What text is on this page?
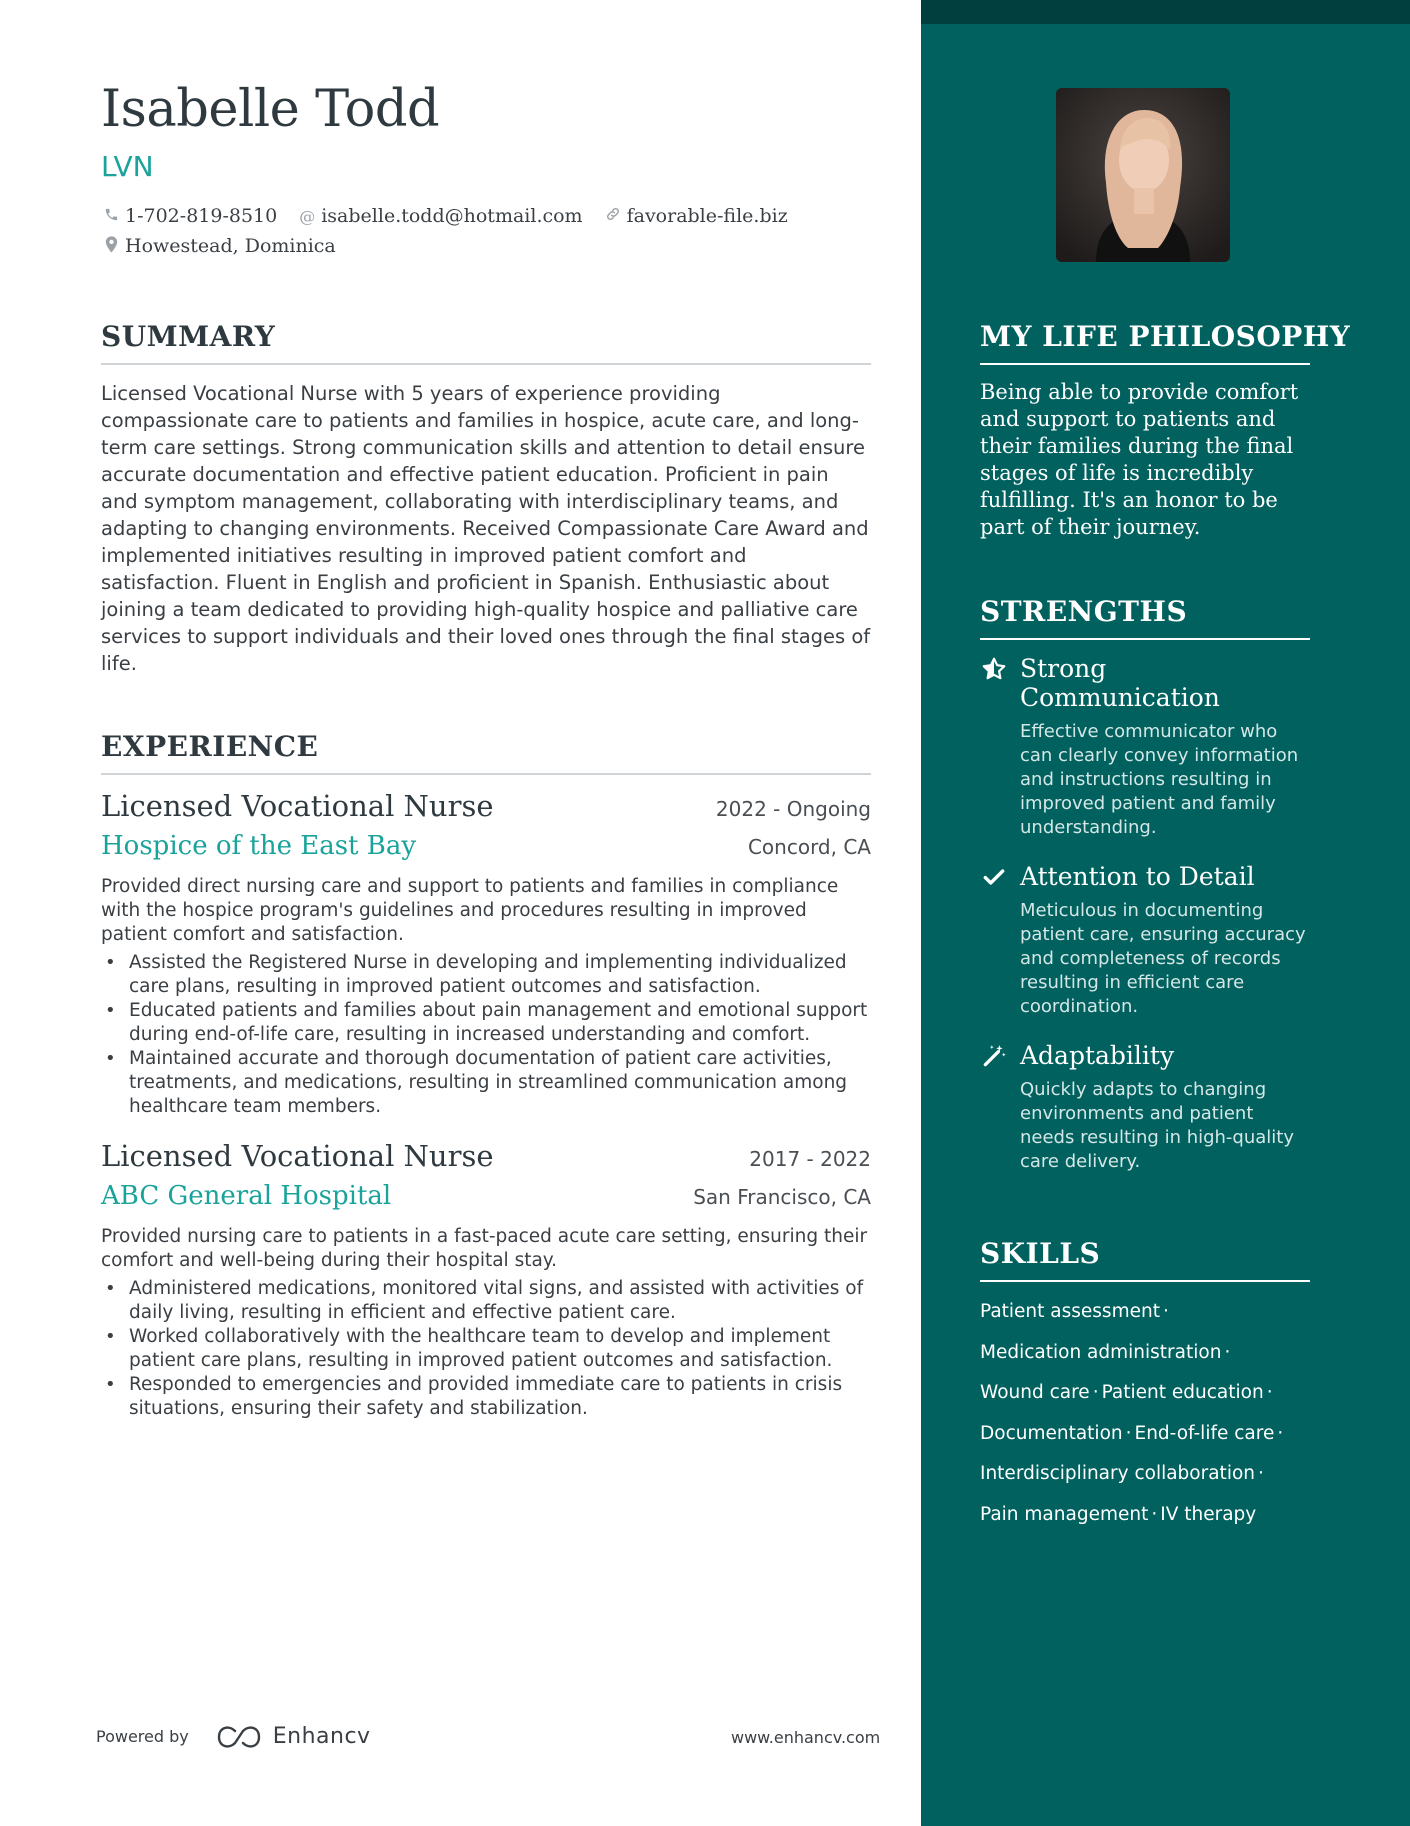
Isabelle Todd
LVN
1-702-819-8510 @ isabelle.todd@hotmail.com favorable-file.biz
Howestead, Dominica
SUMMARY
Licensed Vocational Nurse with 5 years of experience providing compassionate care to patients and families in hospice, acute care, and long-term care settings. Strong communication skills and attention to detail ensure accurate documentation and effective patient education. Proficient in pain and symptom management, collaborating with interdisciplinary teams, and adapting to changing environments. Received Compassionate Care Award and implemented initiatives resulting in improved patient comfort and satisfaction. Fluent in English and proficient in Spanish. Enthusiastic about joining a team dedicated to providing high-quality hospice and palliative care services to support individuals and their loved ones through the final stages of life.
EXPERIENCE
Licensed Vocational Nurse	2022 - Ongoing
Hospice of the East Bay	Concord, CA
Provided direct nursing care and support to patients and families in compliance with the hospice program's guidelines and procedures resulting in improved patient comfort and satisfaction.
• Assisted the Registered Nurse in developing and implementing individualized care plans, resulting in improved patient outcomes and satisfaction.
• Educated patients and families about pain management and emotional support during end-of-life care, resulting in increased understanding and comfort.
• Maintained accurate and thorough documentation of patient care activities, treatments, and medications, resulting in streamlined communication among healthcare team members.
Licensed Vocational Nurse	2017 - 2022
ABC General Hospital	San Francisco, CA
Provided nursing care to patients in a fast-paced acute care setting, ensuring their comfort and well-being during their hospital stay.
• Administered medications, monitored vital signs, and assisted with activities of daily living, resulting in efficient and effective patient care.
• Worked collaboratively with the healthcare team to develop and implement patient care plans, resulting in improved patient outcomes and satisfaction.
• Responded to emergencies and provided immediate care to patients in crisis situations, ensuring their safety and stabilization.
MY LIFE PHILOSOPHY
Being able to provide comfort and support to patients and their families during the final stages of life is incredibly fulfilling. It's an honor to be part of their journey.
STRENGTHS
Strong Communication
Effective communicator who can clearly convey information and instructions resulting in improved patient and family understanding.
Attention to Detail
Meticulous in documenting patient care, ensuring accuracy and completeness of records resulting in efficient care coordination.
Adaptability
Quickly adapts to changing environments and patient needs resulting in high-quality care delivery.
SKILLS
Patient assessment ·
Medication administration ·
Wound care · Patient education ·
Documentation · End-of-life care ·
Interdisciplinary collaboration ·
Pain management · IV therapy
Powered by	Enhancv	www.enhancv.com
